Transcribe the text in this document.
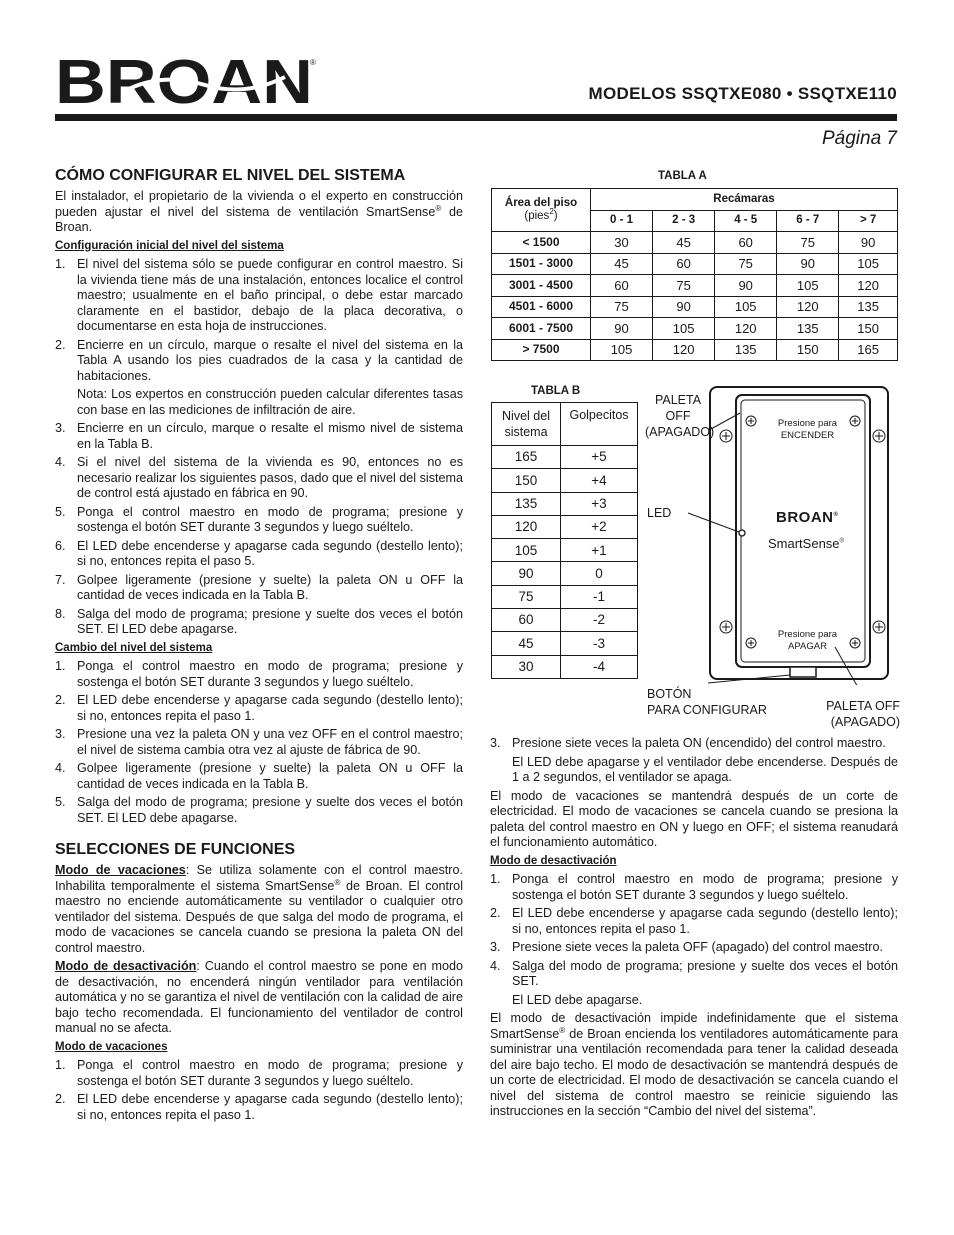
BROAN
®
MODELOS SSQTXE080 • SSQTXE110
Página 7
CÓMO CONFIGURAR EL NIVEL DEL SISTEMA

El instalador, el propietario de la vivienda o el experto en construcción pueden ajustar el nivel del sistema de ventilación SmartSense® de Broan.

Configuración inicial del nivel del sistema
1. El nivel del sistema sólo se puede configurar en control maestro. Si la vivienda tiene más de una instalación, entonces localice el control maestro; usualmente en el baño principal, o debe estar marcado claramente en el bastidor, debajo de la placa decorativa, o documentarse en esta hoja de instrucciones.
2. Encierre en un círculo, marque o resalte el nivel del sistema en la Tabla A usando los pies cuadrados de la casa y la cantidad de habitaciones.
Nota: Los expertos en construcción pueden calcular diferentes tasas con base en las mediciones de infiltración de aire.
3. Encierre en un círculo, marque o resalte el mismo nivel de sistema en la Tabla B.
4. Si el nivel del sistema de la vivienda es 90, entonces no es necesario realizar los siguientes pasos, dado que el nivel del sistema de control está ajustado en fábrica en 90.
5. Ponga el control maestro en modo de programa; presione y sostenga el botón SET durante 3 segundos y luego suéltelo.
6. El LED debe encenderse y apagarse cada segundo (destello lento); si no, entonces repita el paso 5.
7. Golpee ligeramente (presione y suelte) la paleta ON u OFF la cantidad de veces indicada en la Tabla B.
8. Salga del modo de programa; presione y suelte dos veces el botón SET. El LED debe apagarse.
Cambio del nivel del sistema
1. Ponga el control maestro en modo de programa; presione y sostenga el botón SET durante 3 segundos y luego suéltelo.
2. El LED debe encenderse y apagarse cada segundo (destello lento); si no, entonces repita el paso 1.
3. Presione una vez la paleta ON y una vez OFF en el control maestro; el nivel de sistema cambia otra vez al ajuste de fábrica de 90.
4. Golpee ligeramente (presione y suelte) la paleta ON u OFF la cantidad de veces indicada en la Tabla B.
5. Salga del modo de programa; presione y suelte dos veces el botón SET. El LED debe apagarse.
SELECCIONES DE FUNCIONES

Modo de vacaciones: Se utiliza solamente con el control maestro. Inhabilita temporalmente el sistema SmartSense® de Broan. El control maestro no enciende automáticamente su ventilador o cualquier otro ventilador del sistema. Después de que salga del modo de programa, el modo de vacaciones se cancela cuando se presiona la paleta ON del control maestro.

Modo de desactivación: Cuando el control maestro se pone en modo de desactivación, no encenderá ningún ventilador para ventilación automática y no se garantiza el nivel de ventilación con la calidad de aire bajo techo recomendada. El funcionamiento del ventilador de control manual no se afecta.

Modo de vacaciones
1. Ponga el control maestro en modo de programa; presione y sostenga el botón SET durante 3 segundos y luego suéltelo.
2. El LED debe encenderse y apagarse cada segundo (destello lento); si no, entonces repita el paso 1.
TABLA A
Área del piso
(pies$^2$)	Recámaras				
	0 - 1	2 - 3	4 - 5	6 - 7	> 7
< 1500	30	45	60	75	90
1501 - 3000	45	60	75	90	105
3001 - 4500	60	75	90	105	120
4501 - 6000	75	90	105	120	135
6001 - 7500	90	105	120	135	150
> 7500	105	120	135	150	165
TABLA B
Nivel del sistema	Golpecitos
165	+5
150	+4
135	+3
120	+2
105	+1
90	0
75	-1
60	-2
45	-3
30	-4
PALETA
OFF
(APAGADO)
LED
Presione para
ENCENDER
BROAN®
SmartSense®
Presione para
APAGAR
BOTÓN
PARA CONFIGURAR	PALETA OFF
(APAGADO)
3. Presione siete veces la paleta ON (encendido) del control maestro.
El LED debe apagarse y el ventilador debe encenderse. Después de 1 a 2 segundos, el ventilador se apaga.

El modo de vacaciones se mantendrá después de un corte de electricidad. El modo de vacaciones se cancela cuando se presiona la paleta del control maestro en ON y luego en OFF; el sistema reanudará el funcionamiento automático.

Modo de desactivación
1. Ponga el control maestro en modo de programa; presione y sostenga el botón SET durante 3 segundos y luego suéltelo.
2. El LED debe encenderse y apagarse cada segundo (destello lento); si no, entonces repita el paso 1.
3. Presione siete veces la paleta OFF (apagado) del control maestro.
4. Salga del modo de programa; presione y suelte dos veces el botón SET.
El LED debe apagarse.

El modo de desactivación impide indefinidamente que el sistema SmartSense® de Broan encienda los ventiladores automáticamente para suministrar una ventilación recomendada para tener la calidad deseada del aire bajo techo. El modo de desactivación se mantendrá después de un corte de electricidad. El modo de desactivación se cancela cuando el nivel del sistema de control maestro se reinicie siguiendo las instrucciones en la sección “Cambio del nivel del sistema”.
